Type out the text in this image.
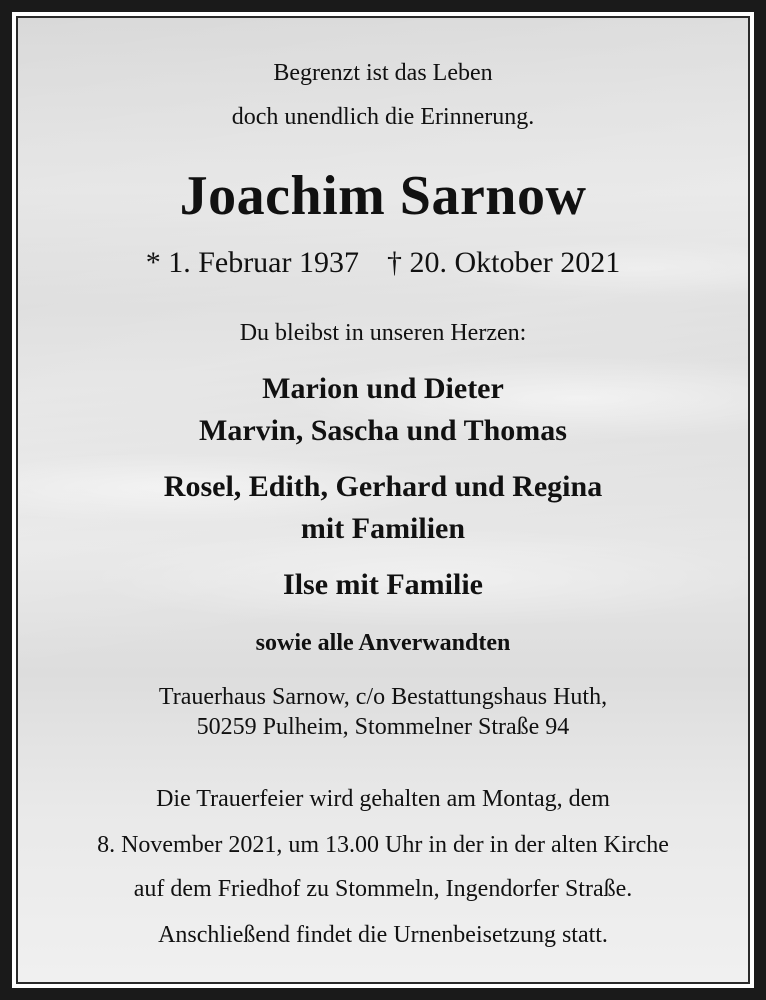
Begrenzt ist das Leben
doch unendlich die Erinnerung.
Joachim Sarnow
* 1. Februar 1937 † 20. Oktober 2021
Du bleibst in unseren Herzen:
Marion und Dieter
Marvin, Sascha und Thomas
Rosel, Edith, Gerhard und Regina
mit Familien
Ilse mit Familie
sowie alle Anverwandten
Trauerhaus Sarnow, c/o Bestattungshaus Huth,
50259 Pulheim, Stommelner Straße 94
Die Trauerfeier wird gehalten am Montag, dem
8. November 2021, um 13.00 Uhr in der in der alten Kirche
auf dem Friedhof zu Stommeln, Ingendorfer Straße.
Anschließend findet die Urnenbeisetzung statt.
